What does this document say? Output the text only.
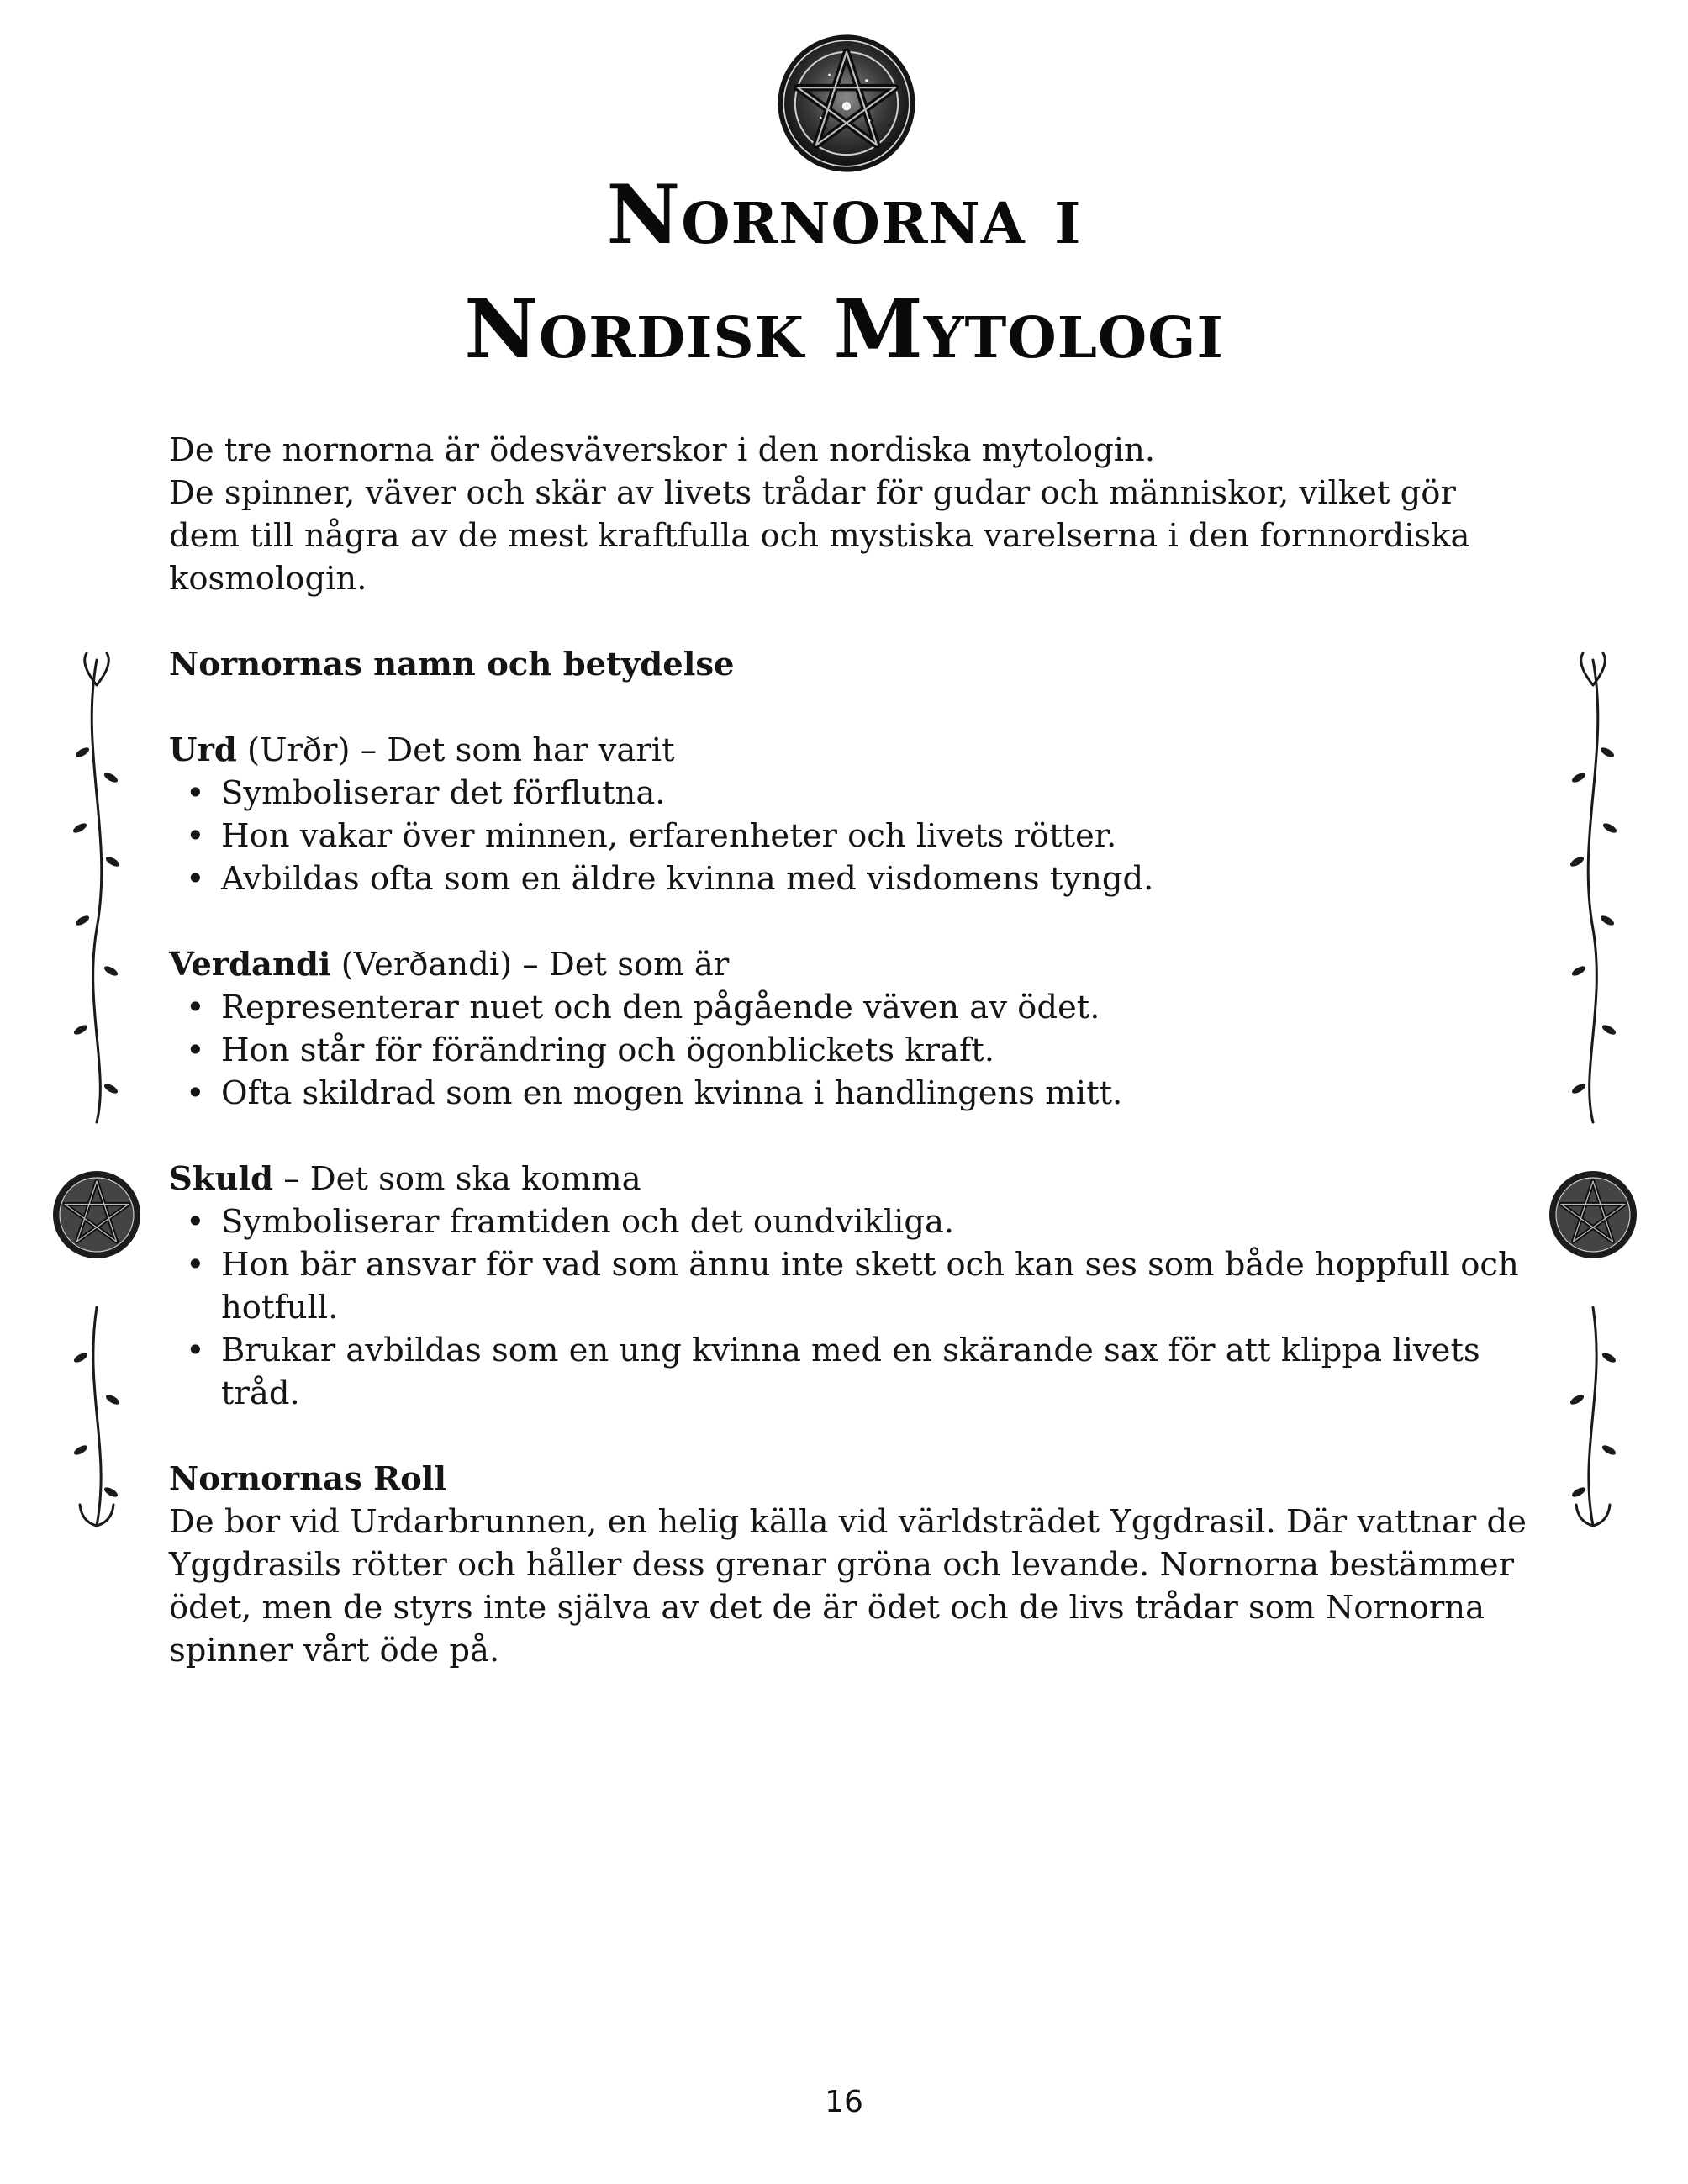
Nornorna i
Nordisk Mytologi

De tre nornorna är ödesväverskor i den nordiska mytologin.

De spinner, väver och skär av livets trådar för gudar och människor, vilket gör dem till några av de mest kraftfulla och mystiska varelserna i den fornnordiska kosmologin.

Nornornas namn och betydelse

Urd (Urðr) – Det som har varit

• Symboliserar det förflutna.
• Hon vakar över minnen, erfarenheter och livets rötter.
• Avbildas ofta som en äldre kvinna med visdomens tyngd.

Verdandi (Verðandi) – Det som är

• Representerar nuet och den pågående väven av ödet.
• Hon står för förändring och ögonblickets kraft.
• Ofta skildrad som en mogen kvinna i handlingens mitt.

Skuld – Det som ska komma

• Symboliserar framtiden och det oundvikliga.
• Hon bär ansvar för vad som ännu inte skett och kan ses som både hoppfull och hotfull.
• Brukar avbildas som en ung kvinna med en skärande sax för att klippa livets tråd.

Nornornas Roll

De bor vid Urdarbrunnen, en helig källa vid världsträdet Yggdrasil. Där vattnar de Yggdrasils rötter och håller dess grenar gröna och levande. Nornorna bestämmer ödet, men de styrs inte själva av det de är ödet och de livs trådar som Nornorna spinner vårt öde på.

16
